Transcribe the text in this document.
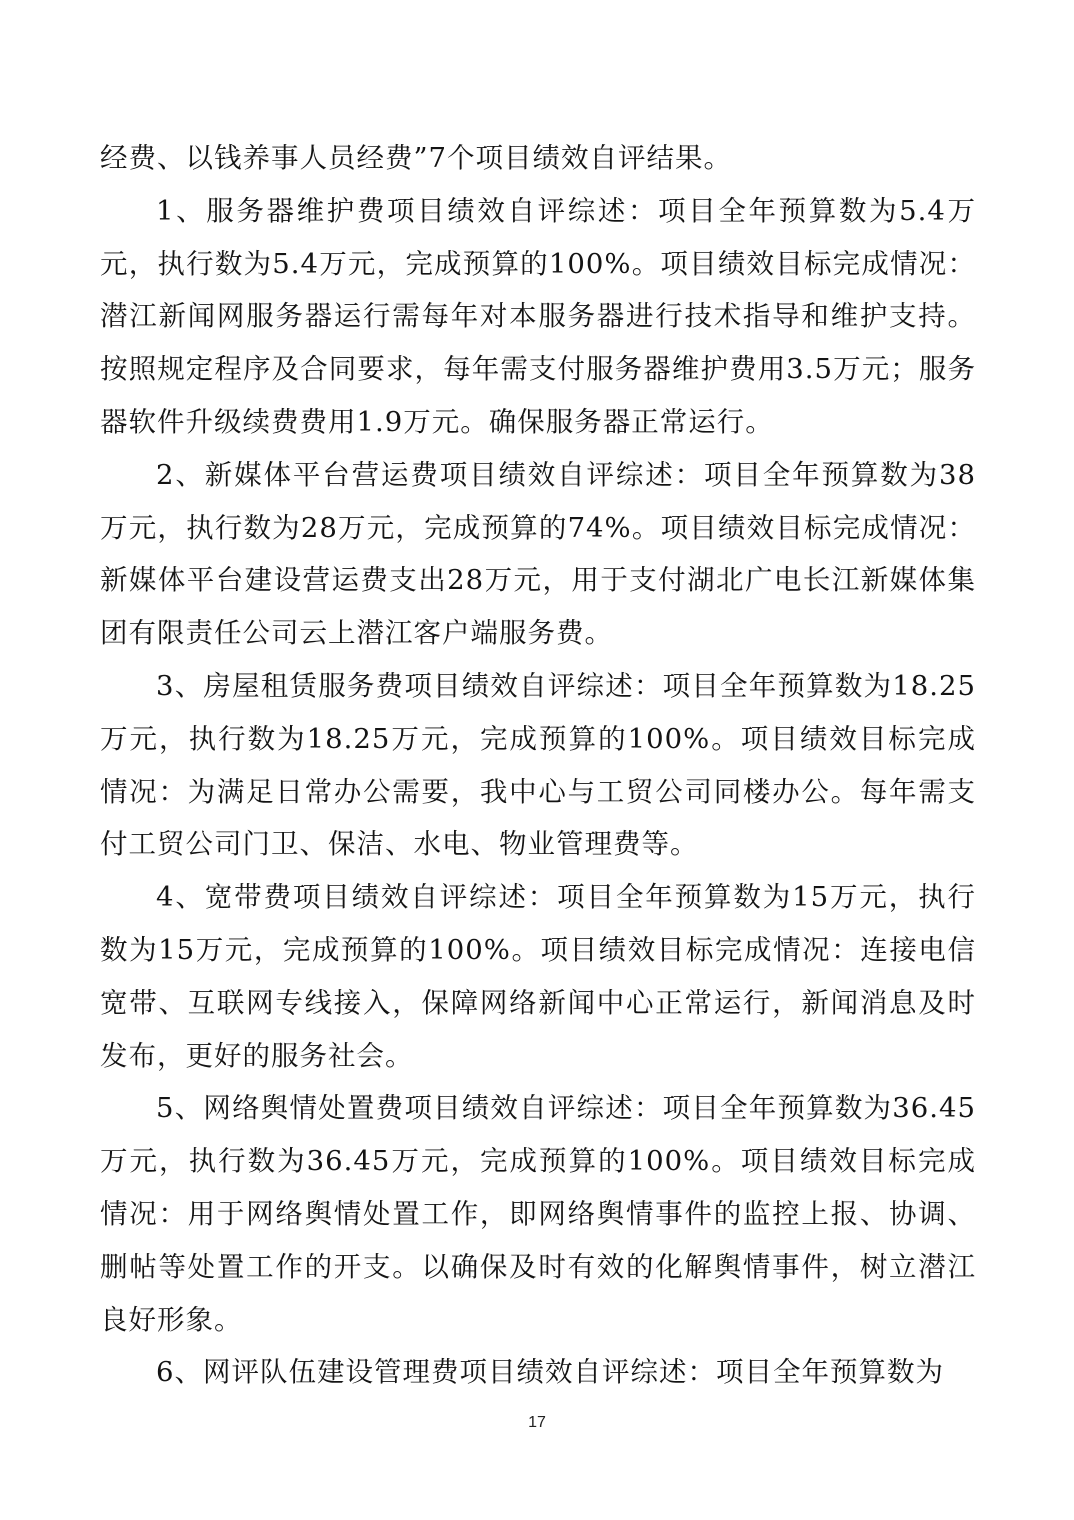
经费、以钱养事人员经费”7个项目绩效自评结果。

1、服务器维护费项目绩效自评综述：项目全年预算数为5.4万元，执行数为5.4万元，完成预算的100%。项目绩效目标完成情况：潜江新闻网服务器运行需每年对本服务器进行技术指导和维护支持。按照规定程序及合同要求，每年需支付服务器维护费用3.5万元；服务器软件升级续费费用1.9万元。确保服务器正常运行。

2、新媒体平台营运费项目绩效自评综述：项目全年预算数为38万元，执行数为28万元，完成预算的74%。项目绩效目标完成情况：新媒体平台建设营运费支出28万元，用于支付湖北广电长江新媒体集团有限责任公司云上潜江客户端服务费。

3、房屋租赁服务费项目绩效自评综述：项目全年预算数为18.25万元，执行数为18.25万元，完成预算的100%。项目绩效目标完成情况：为满足日常办公需要，我中心与工贸公司同楼办公。每年需支付工贸公司门卫、保洁、水电、物业管理费等。

4、宽带费项目绩效自评综述：项目全年预算数为15万元，执行数为15万元，完成预算的100%。项目绩效目标完成情况：连接电信宽带、互联网专线接入，保障网络新闻中心正常运行，新闻消息及时发布，更好的服务社会。

5、网络舆情处置费项目绩效自评综述：项目全年预算数为36.45万元，执行数为36.45万元，完成预算的100%。项目绩效目标完成情况：用于网络舆情处置工作，即网络舆情事件的监控上报、协调、删帖等处置工作的开支。以确保及时有效的化解舆情事件，树立潜江良好形象。

6、网评队伍建设管理费项目绩效自评综述：项目全年预算数为

17
